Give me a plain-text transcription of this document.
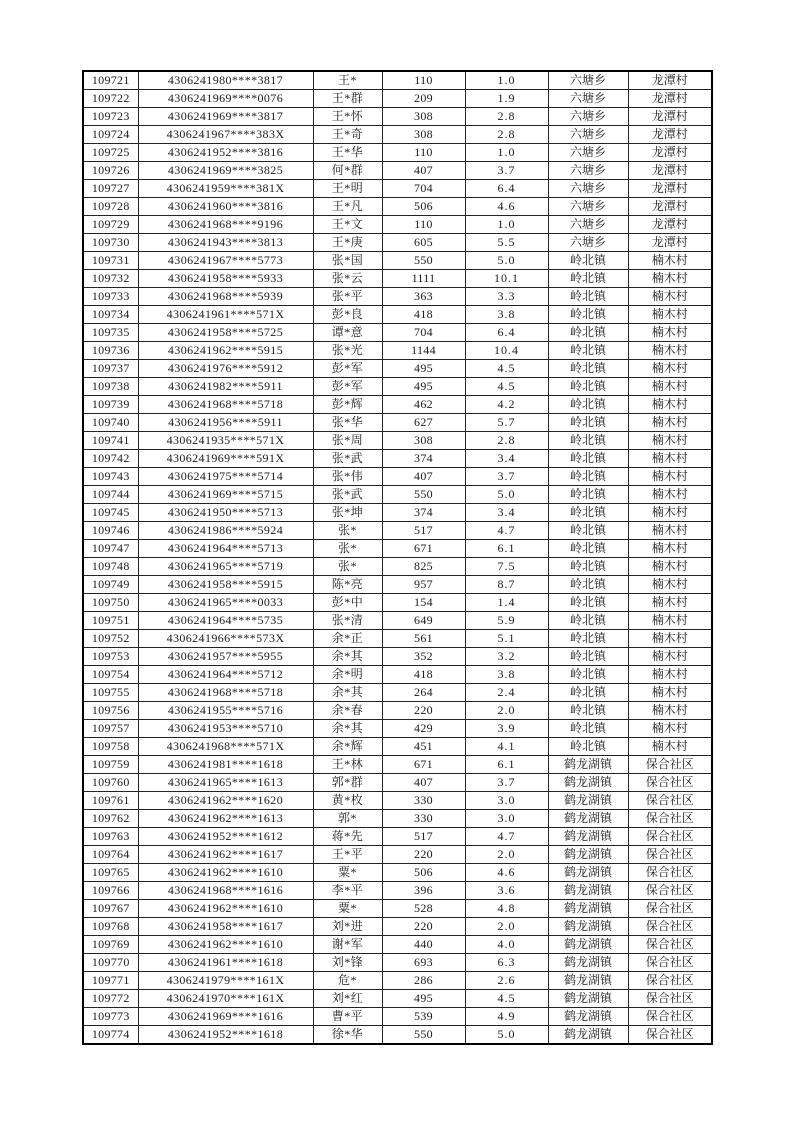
109721	4306241980****3817	王*	110	1.0	六塘乡	龙潭村
109722	4306241969****0076	王*群	209	1.9	六塘乡	龙潭村
109723	4306241969****3817	王*怀	308	2.8	六塘乡	龙潭村
109724	4306241967****383X	王*奇	308	2.8	六塘乡	龙潭村
109725	4306241952****3816	王*华	110	1.0	六塘乡	龙潭村
109726	4306241969****3825	何*群	407	3.7	六塘乡	龙潭村
109727	4306241959****381X	王*明	704	6.4	六塘乡	龙潭村
109728	4306241960****3816	王*凡	506	4.6	六塘乡	龙潭村
109729	4306241968****9196	王*文	110	1.0	六塘乡	龙潭村
109730	4306241943****3813	王*庚	605	5.5	六塘乡	龙潭村
109731	4306241967****5773	张*国	550	5.0	岭北镇	楠木村
109732	4306241958****5933	张*云	1111	10.1	岭北镇	楠木村
109733	4306241968****5939	张*平	363	3.3	岭北镇	楠木村
109734	4306241961****571X	彭*良	418	3.8	岭北镇	楠木村
109735	4306241958****5725	谭*意	704	6.4	岭北镇	楠木村
109736	4306241962****5915	张*光	1144	10.4	岭北镇	楠木村
109737	4306241976****5912	彭*军	495	4.5	岭北镇	楠木村
109738	4306241982****5911	彭*军	495	4.5	岭北镇	楠木村
109739	4306241968****5718	彭*辉	462	4.2	岭北镇	楠木村
109740	4306241956****5911	张*华	627	5.7	岭北镇	楠木村
109741	4306241935****571X	张*周	308	2.8	岭北镇	楠木村
109742	4306241969****591X	张*武	374	3.4	岭北镇	楠木村
109743	4306241975****5714	张*伟	407	3.7	岭北镇	楠木村
109744	4306241969****5715	张*武	550	5.0	岭北镇	楠木村
109745	4306241950****5713	张*坤	374	3.4	岭北镇	楠木村
109746	4306241986****5924	张*	517	4.7	岭北镇	楠木村
109747	4306241964****5713	张*	671	6.1	岭北镇	楠木村
109748	4306241965****5719	张*	825	7.5	岭北镇	楠木村
109749	4306241958****5915	陈*亮	957	8.7	岭北镇	楠木村
109750	4306241965****0033	彭*中	154	1.4	岭北镇	楠木村
109751	4306241964****5735	张*清	649	5.9	岭北镇	楠木村
109752	4306241966****573X	余*正	561	5.1	岭北镇	楠木村
109753	4306241957****5955	余*其	352	3.2	岭北镇	楠木村
109754	4306241964****5712	余*明	418	3.8	岭北镇	楠木村
109755	4306241968****5718	余*其	264	2.4	岭北镇	楠木村
109756	4306241955****5716	余*春	220	2.0	岭北镇	楠木村
109757	4306241953****5710	余*其	429	3.9	岭北镇	楠木村
109758	4306241968****571X	余*辉	451	4.1	岭北镇	楠木村
109759	4306241981****1618	王*林	671	6.1	鹤龙湖镇	保合社区
109760	4306241965****1613	郭*群	407	3.7	鹤龙湖镇	保合社区
109761	4306241962****1620	黄*枚	330	3.0	鹤龙湖镇	保合社区
109762	4306241962****1613	郭*	330	3.0	鹤龙湖镇	保合社区
109763	4306241952****1612	蒋*先	517	4.7	鹤龙湖镇	保合社区
109764	4306241962****1617	王*平	220	2.0	鹤龙湖镇	保合社区
109765	4306241962****1610	粟*	506	4.6	鹤龙湖镇	保合社区
109766	4306241968****1616	李*平	396	3.6	鹤龙湖镇	保合社区
109767	4306241962****1610	粟*	528	4.8	鹤龙湖镇	保合社区
109768	4306241958****1617	刘*进	220	2.0	鹤龙湖镇	保合社区
109769	4306241962****1610	谢*军	440	4.0	鹤龙湖镇	保合社区
109770	4306241961****1618	刘*锋	693	6.3	鹤龙湖镇	保合社区
109771	4306241979****161X	危*	286	2.6	鹤龙湖镇	保合社区
109772	4306241970****161X	刘*红	495	4.5	鹤龙湖镇	保合社区
109773	4306241969****1616	曹*平	539	4.9	鹤龙湖镇	保合社区
109774	4306241952****1618	徐*华	550	5.0	鹤龙湖镇	保合社区
